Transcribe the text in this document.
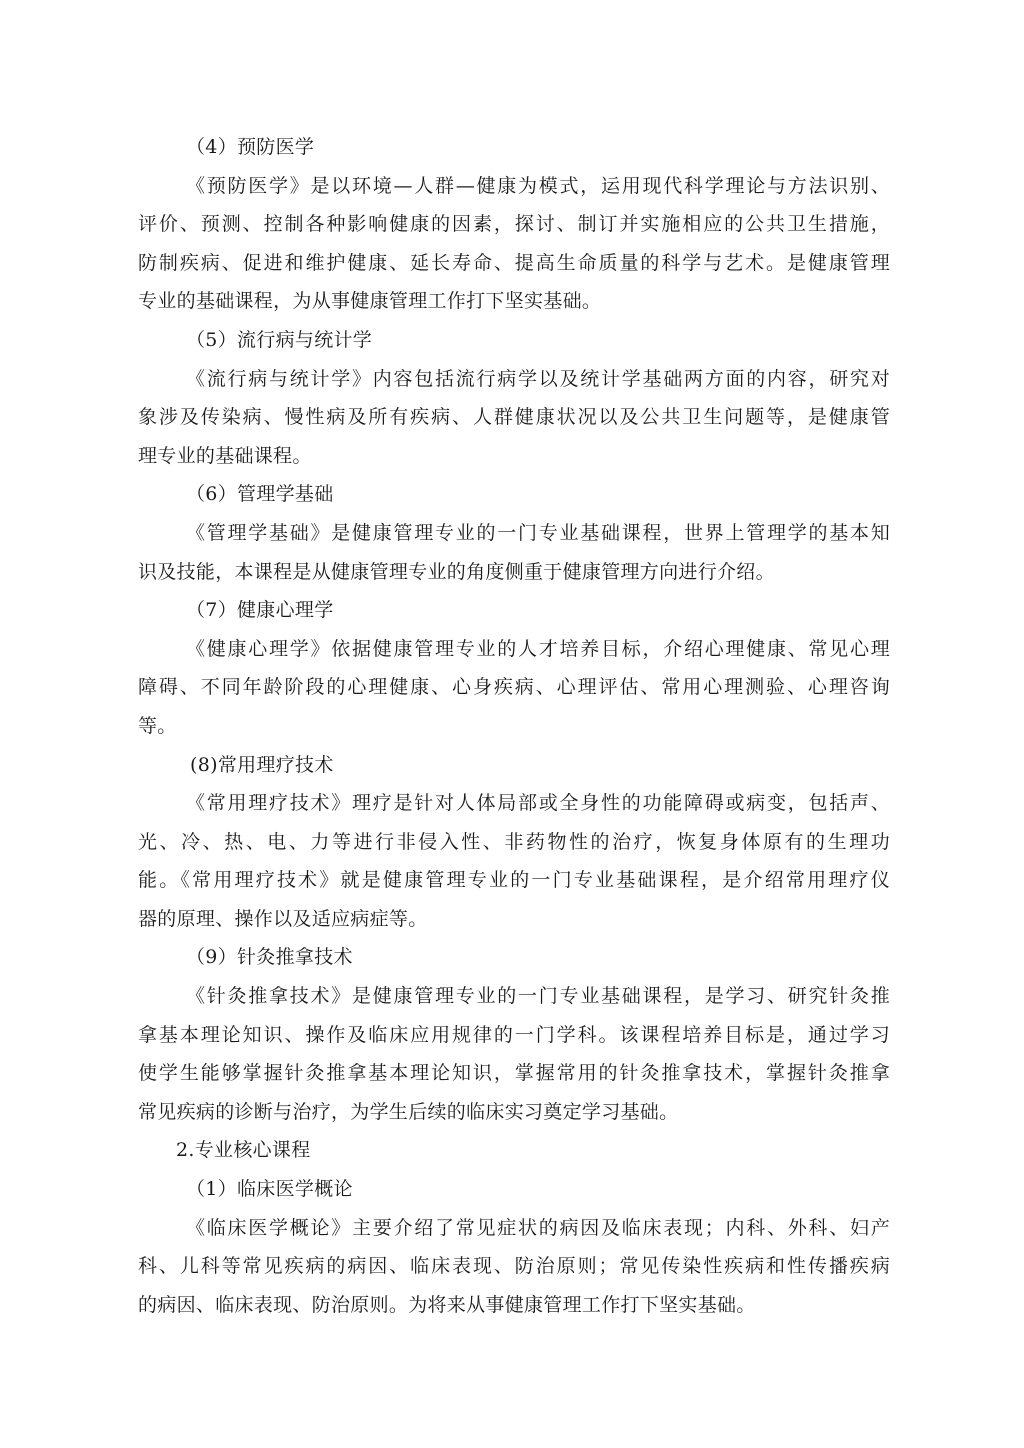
（4）预防医学
《预防医学》是以环境—人群—健康为模式，运用现代科学理论与方法识别、
评价、预测、控制各种影响健康的因素，探讨、制订并实施相应的公共卫生措施，
防制疾病、促进和维护健康、延长寿命、提高生命质量的科学与艺术。是健康管理
专业的基础课程，为从事健康管理工作打下坚实基础。
（5）流行病与统计学
《流行病与统计学》内容包括流行病学以及统计学基础两方面的内容，研究对
象涉及传染病、慢性病及所有疾病、人群健康状况以及公共卫生问题等，是健康管
理专业的基础课程。
（6）管理学基础
《管理学基础》是健康管理专业的一门专业基础课程，世界上管理学的基本知
识及技能，本课程是从健康管理专业的角度侧重于健康管理方向进行介绍。
（7）健康心理学
《健康心理学》依据健康管理专业的人才培养目标，介绍心理健康、常见心理
障碍、不同年龄阶段的心理健康、心身疾病、心理评估、常用心理测验、心理咨询
等。
(8)常用理疗技术
《常用理疗技术》理疗是针对人体局部或全身性的功能障碍或病变，包括声、
光、冷、热、电、力等进行非侵入性、非药物性的治疗，恢复身体原有的生理功
能。《常用理疗技术》就是健康管理专业的一门专业基础课程，是介绍常用理疗仪
器的原理、操作以及适应病症等。
（9）针灸推拿技术
《针灸推拿技术》是健康管理专业的一门专业基础课程，是学习、研究针灸推
拿基本理论知识、操作及临床应用规律的一门学科。该课程培养目标是，通过学习
使学生能够掌握针灸推拿基本理论知识，掌握常用的针灸推拿技术，掌握针灸推拿
常见疾病的诊断与治疗，为学生后续的临床实习奠定学习基础。
2.专业核心课程
（1）临床医学概论
《临床医学概论》主要介绍了常见症状的病因及临床表现；内科、外科、妇产
科、儿科等常见疾病的病因、临床表现、防治原则；常见传染性疾病和性传播疾病
的病因、临床表现、防治原则。为将来从事健康管理工作打下坚实基础。
